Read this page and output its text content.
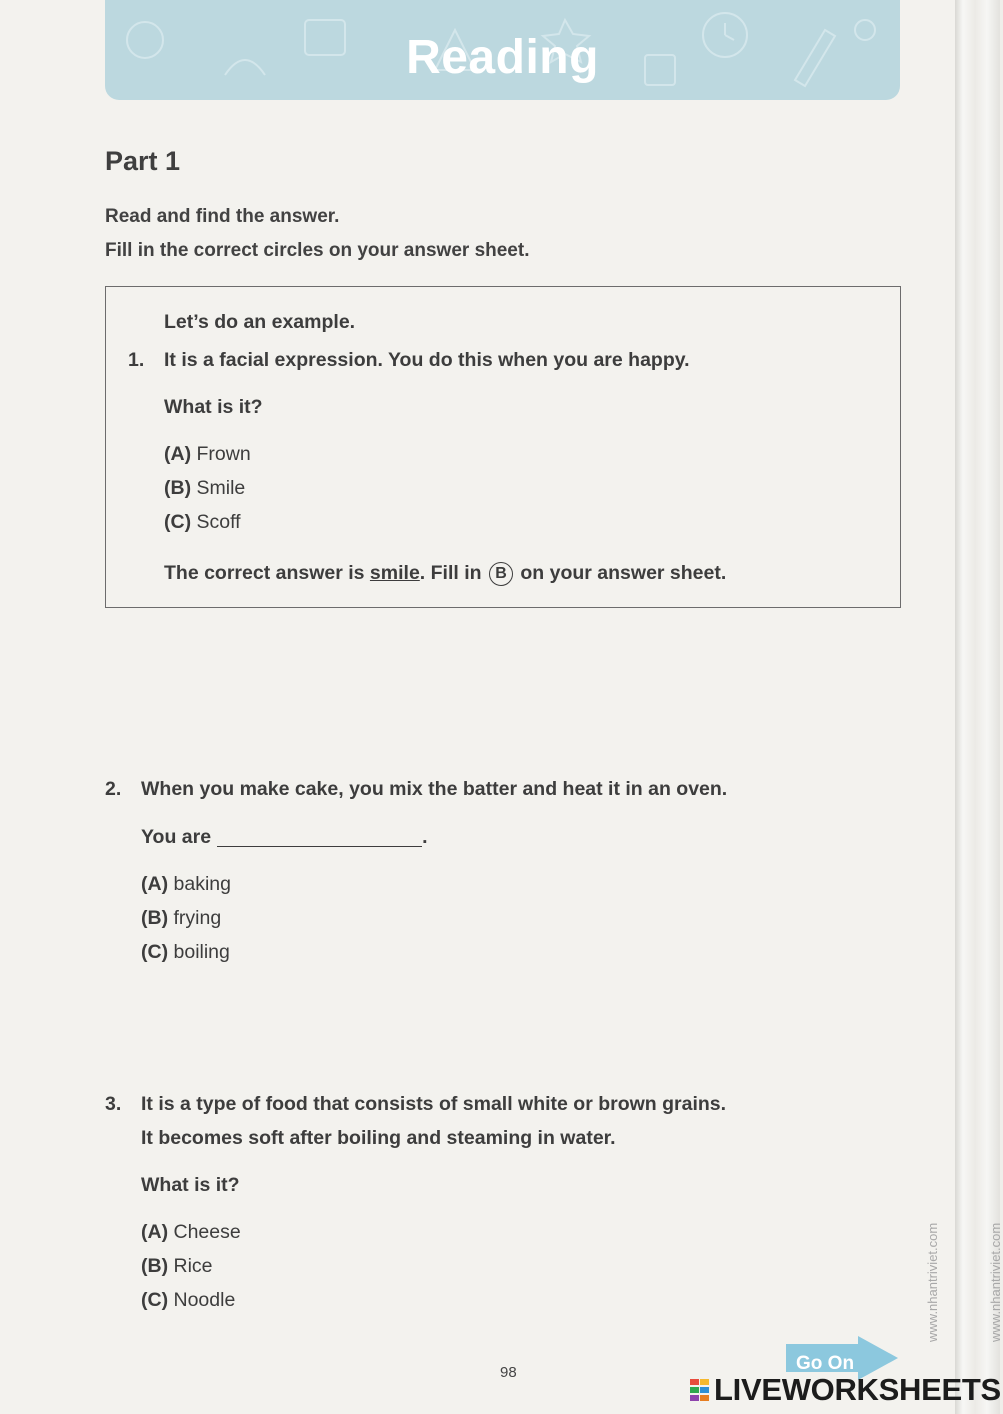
Reading
Part 1
Read and find the answer.
Fill in the correct circles on your answer sheet.
Let’s do an example.
1. It is a facial expression. You do this when you are happy.
What is it?
(A) Frown
(B) Smile
(C) Scoff
The correct answer is smile. Fill in B on your answer sheet.
2. When you make cake, you mix the batter and heat it in an oven.
You are	.
(A) baking
(B) frying
(C) boiling
3. It is a type of food that consists of small white or brown grains.
It becomes soft after boiling and steaming in water.
What is it?
(A) Cheese
(B) Rice
(C) Noodle
98
www.nhantriviet.com	www.nhantriviet.com
Go On
LIVEWORKSHEETS
